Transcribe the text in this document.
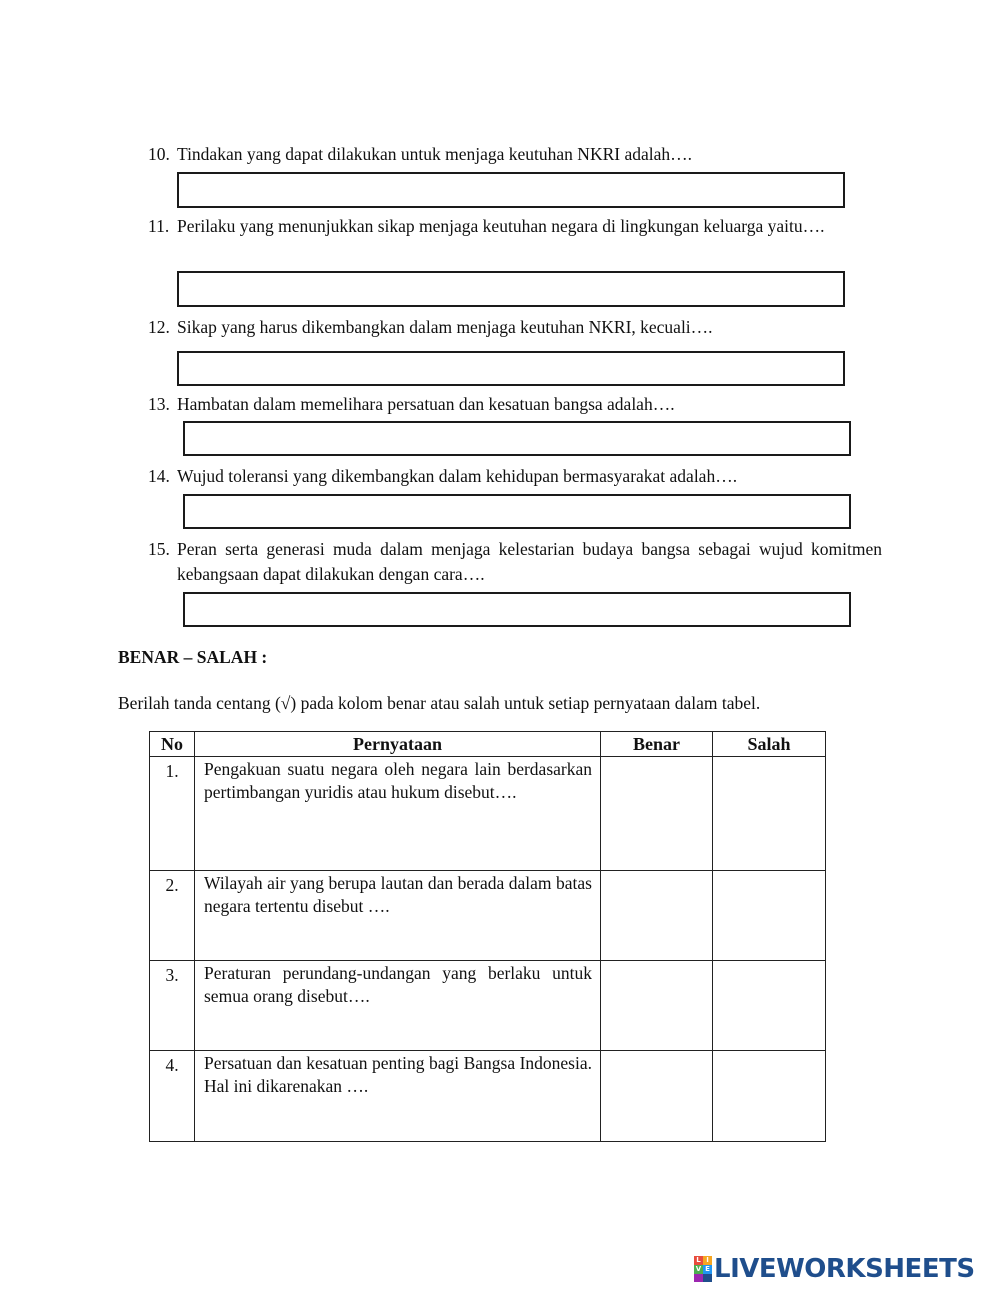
10. Tindakan yang dapat dilakukan untuk menjaga keutuhan NKRI adalah….
11. Perilaku yang menunjukkan sikap menjaga keutuhan negara di lingkungan keluarga yaitu….
12. Sikap yang harus dikembangkan dalam menjaga keutuhan NKRI, kecuali….
13. Hambatan dalam memelihara persatuan dan kesatuan bangsa adalah….
14. Wujud toleransi yang dikembangkan dalam kehidupan bermasyarakat adalah….
15. Peran serta generasi muda dalam menjaga kelestarian budaya bangsa sebagai wujud komitmen kebangsaan dapat dilakukan dengan cara….
BENAR – SALAH :
Berilah tanda centang (√) pada kolom benar atau salah untuk setiap pernyataan dalam tabel.
No	Pernyataan	Benar	Salah
1.	Pengakuan suatu negara oleh negara lain berdasarkan pertimbangan yuridis atau hukum disebut….		
2.	Wilayah air yang berupa lautan dan berada dalam batas negara tertentu disebut ….		
3.	Peraturan perundang-undangan yang berlaku untuk semua orang disebut….		
4.	Persatuan dan kesatuan penting bagi Bangsa Indonesia. Hal ini dikarenakan ….		
L I
V E LIVEWORKSHEETS
